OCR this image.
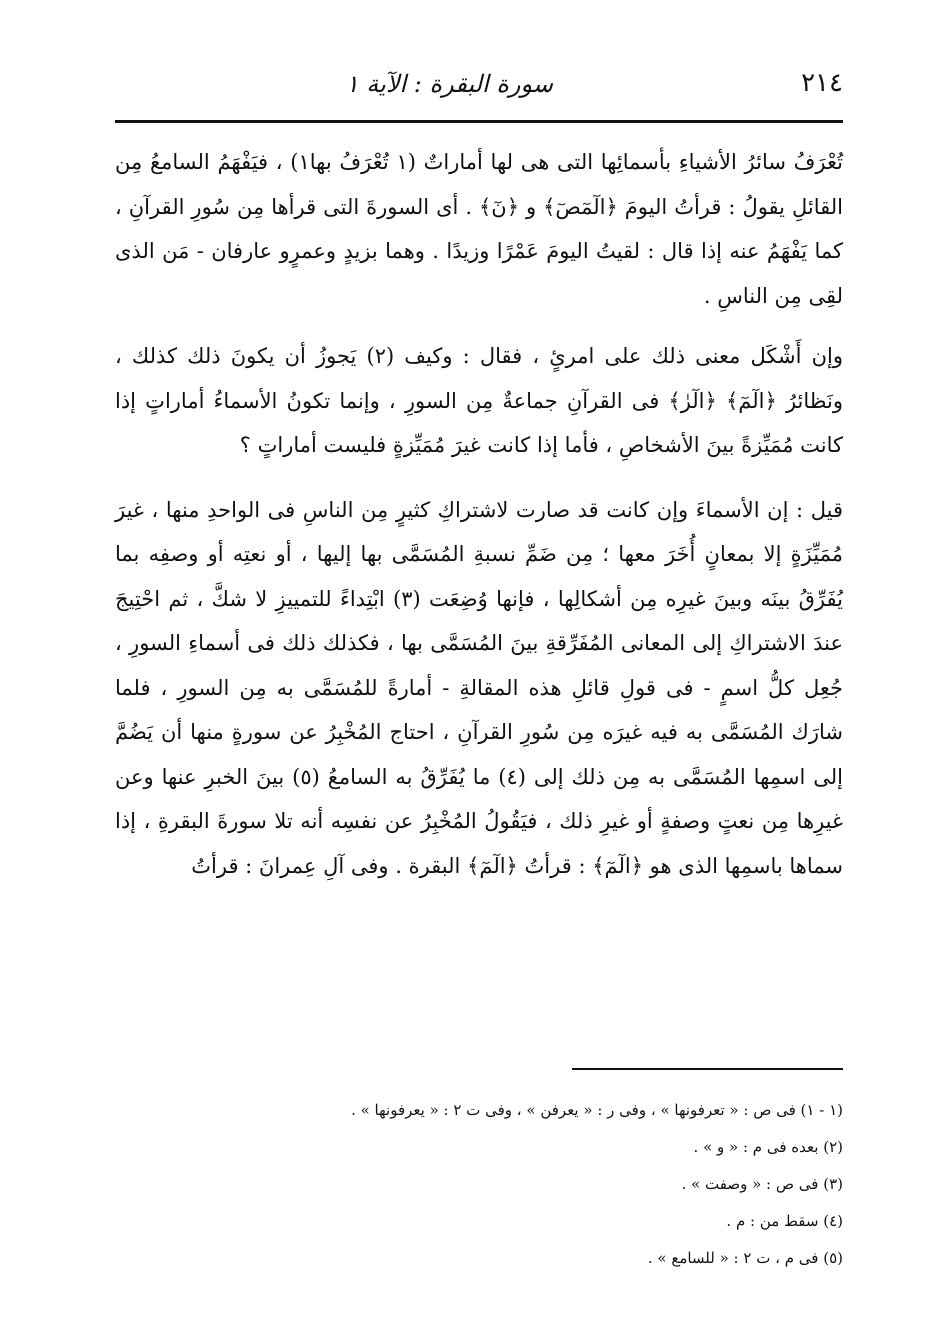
٢١٤
سورة البقرة : الآية ١

تُعْرَفُ سائرُ الأشياءِ بأسمائِها التى هى لها أماراتٌ (١ تُعْرَفُ بها١) ، فيَفْهَمُ السامعُ مِن القائلِ يقولُ : قرأتُ اليومَ ﴿الٓمٓصٓ﴾ و ﴿نٓ﴾ . أى السورةَ التى قرأها مِن سُورِ القرآنِ ، كما يَفْهَمُ عنه إذا قال : لقيتُ اليومَ عَمْرًا وزيدًا . وهما بزيدٍ وعمرٍو عارفان - مَن الذى لقِى مِن الناسِ .

وإن أَشْكَل معنى ذلك على امرئٍ ، فقال : وكيف (٢) يَجوزُ أن يكونَ ذلك كذلك ، ونَظائرُ ﴿الٓمٓ﴾ ﴿الٓرٰ﴾ فى القرآنِ جماعةٌ مِن السورِ ، وإنما تكونُ الأسماءُ أماراتٍ إذا كانت مُمَيِّزةً بينَ الأشخاصِ ، فأما إذا كانت غيرَ مُمَيِّزةٍ فليست أماراتٍ ؟

قيل : إن الأسماءَ وإن كانت قد صارت لاشتراكِ كثيرٍ مِن الناسِ فى الواحدِ منها ، غيرَ مُمَيِّزَةٍ إلا بمعانٍ أُخَرَ معها ؛ مِن ضَمِّ نسبةِ المُسَمَّى بها إليها ، أو نعتِه أو وصفِه بما يُفَرِّقُ بينَه وبينَ غيرِه مِن أشكالِها ، فإنها وُضِعَت (٣) ابْتِداءً للتمييزِ لا شكَّ ، ثم احْتِيجَ عندَ الاشتراكِ إلى المعانى المُفَرِّقةِ بينَ المُسَمَّى بها ، فكذلك ذلك فى أسماءِ السورِ ، جُعِل كلُّ اسمٍ - فى قولِ قائلِ هذه المقالةِ - أمارةً للمُسَمَّى به مِن السورِ ، فلما شارَك المُسَمَّى به فيه غيرَه مِن سُورِ القرآنِ ، احتاج المُخْبِرُ عن سورةٍ منها أن يَضُمَّ إلى اسمِها المُسَمَّى به مِن ذلك إلى (٤) ما يُفَرِّقُ به السامعُ (٥) بينَ الخبرِ عنها وعن غيرِها مِن نعتٍ وصفةٍ أو غيرِ ذلك ، فيَقُولُ المُخْبِرُ عن نفسِه أنه تلا سورةَ البقرةِ ، إذا سماها باسمِها الذى هو ﴿الٓمٓ﴾ : قرأتُ ﴿الٓمٓ﴾ البقرة . وفى آلِ عِمرانَ : قرأتُ

(١ - ١) فى ص : « تعرفونها » ، وفى ر : « يعرفن » ، وفى ت ٢ : « يعرفونها » .

(٢) بعده فى م : « و » .

(٣) فى ص : « وصفت » .

(٤) سقط من : م .

(٥) فى م ، ت ٢ : « للسامع » .
